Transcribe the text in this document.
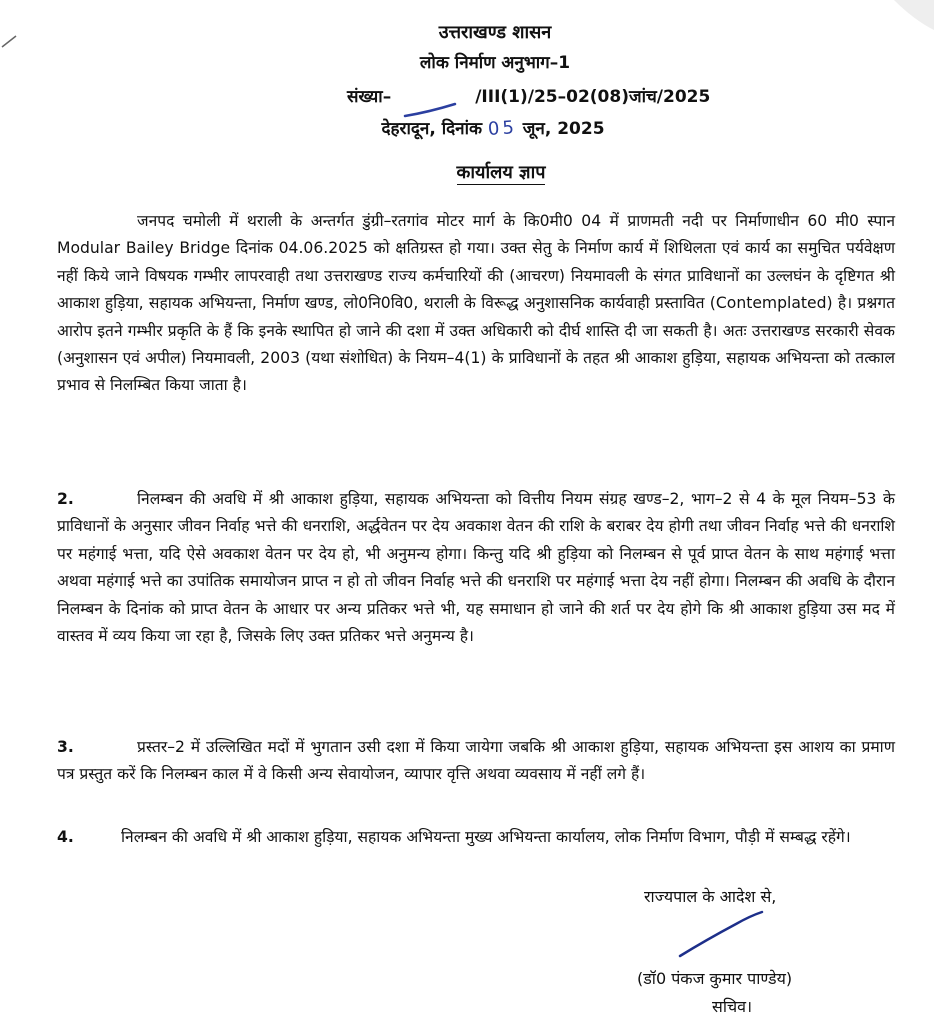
उत्तराखण्ड शासन
लोक निर्माण अनुभाग–1
संख्या–	/III(1)/25–02(08)जांच/2025
देहरादून, दिनांक 05 जून, 2025
कार्यालय ज्ञाप
जनपद चमोली में थराली के अन्तर्गत डुंग्री–रतगांव मोटर मार्ग के कि0मी0 04 में प्राणमती नदी पर निर्माणाधीन 60 मी0 स्पान Modular Bailey Bridge दिनांक 04.06.2025 को क्षतिग्रस्त हो गया। उक्त सेतु के निर्माण कार्य में शिथिलता एवं कार्य का समुचित पर्यवेक्षण नहीं किये जाने विषयक गम्भीर लापरवाही तथा उत्तराखण्ड राज्य कर्मचारियों की (आचरण) नियमावली के संगत प्राविधानों का उल्लघंन के दृष्टिगत श्री आकाश हुड़िया, सहायक अभियन्ता, निर्माण खण्ड, लो0नि0वि0, थराली के विरूद्ध अनुशासनिक कार्यवाही प्रस्तावित (Contemplated) है। प्रश्नगत आरोप इतने गम्भीर प्रकृति के हैं कि इनके स्थापित हो जाने की दशा में उक्त अधिकारी को दीर्घ शास्ति दी जा सकती है। अतः उत्तराखण्ड सरकारी सेवक (अनुशासन एवं अपील) नियमावली, 2003 (यथा संशोधित) के नियम–4(1) के प्राविधानों के तहत श्री आकाश हुड़िया, सहायक अभियन्ता को तत्काल प्रभाव से निलम्बित किया जाता है।
2.	निलम्बन की अवधि में श्री आकाश हुड़िया, सहायक अभियन्ता को वित्तीय नियम संग्रह खण्ड–2, भाग–2 से 4 के मूल नियम–53 के प्राविधानों के अनुसार जीवन निर्वाह भत्ते की धनराशि, अर्द्धवेतन पर देय अवकाश वेतन की राशि के बराबर देय होगी तथा जीवन निर्वाह भत्ते की धनराशि पर महंगाई भत्ता, यदि ऐसे अवकाश वेतन पर देय हो, भी अनुमन्य होगा। किन्तु यदि श्री हुड़िया को निलम्बन से पूर्व प्राप्त वेतन के साथ महंगाई भत्ता अथवा महंगाई भत्ते का उपांतिक समायोजन प्राप्त न हो तो जीवन निर्वाह भत्ते की धनराशि पर महंगाई भत्ता देय नहीं होगा। निलम्बन की अवधि के दौरान निलम्बन के दिनांक को प्राप्त वेतन के आधार पर अन्य प्रतिकर भत्ते भी, यह समाधान हो जाने की शर्त पर देय होगे कि श्री आकाश हुड़िया उस मद में वास्तव में व्यय किया जा रहा है, जिसके लिए उक्त प्रतिकर भत्ते अनुमन्य है।
3.	प्रस्तर–2 में उल्लिखित मदों में भुगतान उसी दशा में किया जायेगा जबकि श्री आकाश हुड़िया, सहायक अभियन्ता इस आशय का प्रमाण पत्र प्रस्तुत करें कि निलम्बन काल में वे किसी अन्य सेवायोजन, व्यापार वृत्ति अथवा व्यवसाय में नहीं लगे हैं।
4.	निलम्बन की अवधि में श्री आकाश हुड़िया, सहायक अभियन्ता मुख्य अभियन्ता कार्यालय, लोक निर्माण विभाग, पौड़ी में सम्बद्ध रहेंगे।
राज्यपाल के आदेश से,
(डॉ0 पंकज कुमार पाण्डेय)
सचिव।
